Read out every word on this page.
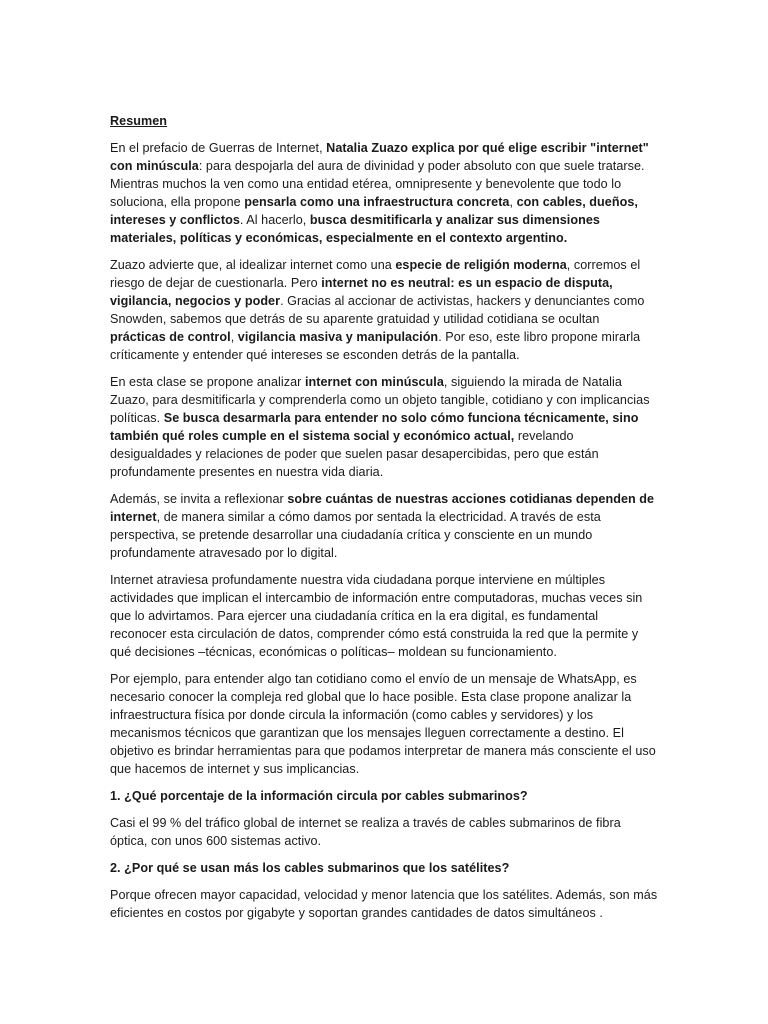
Resumen

En el prefacio de Guerras de Internet, Natalia Zuazo explica por qué elige escribir "internet" con minúscula: para despojarla del aura de divinidad y poder absoluto con que suele tratarse. Mientras muchos la ven como una entidad etérea, omnipresente y benevolente que todo lo soluciona, ella propone pensarla como una infraestructura concreta, con cables, dueños, intereses y conflictos. Al hacerlo, busca desmitificarla y analizar sus dimensiones materiales, políticas y económicas, especialmente en el contexto argentino.

Zuazo advierte que, al idealizar internet como una especie de religión moderna, corremos el riesgo de dejar de cuestionarla. Pero internet no es neutral: es un espacio de disputa, vigilancia, negocios y poder. Gracias al accionar de activistas, hackers y denunciantes como Snowden, sabemos que detrás de su aparente gratuidad y utilidad cotidiana se ocultan prácticas de control, vigilancia masiva y manipulación. Por eso, este libro propone mirarla críticamente y entender qué intereses se esconden detrás de la pantalla.

En esta clase se propone analizar internet con minúscula, siguiendo la mirada de Natalia Zuazo, para desmitificarla y comprenderla como un objeto tangible, cotidiano y con implicancias políticas. Se busca desarmarla para entender no solo cómo funciona técnicamente, sino también qué roles cumple en el sistema social y económico actual, revelando desigualdades y relaciones de poder que suelen pasar desapercibidas, pero que están profundamente presentes en nuestra vida diaria.

Además, se invita a reflexionar sobre cuántas de nuestras acciones cotidianas dependen de internet, de manera similar a cómo damos por sentada la electricidad. A través de esta perspectiva, se pretende desarrollar una ciudadanía crítica y consciente en un mundo profundamente atravesado por lo digital.

Internet atraviesa profundamente nuestra vida ciudadana porque interviene en múltiples actividades que implican el intercambio de información entre computadoras, muchas veces sin que lo advirtamos. Para ejercer una ciudadanía crítica en la era digital, es fundamental reconocer esta circulación de datos, comprender cómo está construida la red que la permite y qué decisiones –técnicas, económicas o políticas– moldean su funcionamiento.

Por ejemplo, para entender algo tan cotidiano como el envío de un mensaje de WhatsApp, es necesario conocer la compleja red global que lo hace posible. Esta clase propone analizar la infraestructura física por donde circula la información (como cables y servidores) y los mecanismos técnicos que garantizan que los mensajes lleguen correctamente a destino. El objetivo es brindar herramientas para que podamos interpretar de manera más consciente el uso que hacemos de internet y sus implicancias.

1. ¿Qué porcentaje de la información circula por cables submarinos?

Casi el 99 % del tráfico global de internet se realiza a través de cables submarinos de fibra óptica, con unos 600 sistemas activo.

2. ¿Por qué se usan más los cables submarinos que los satélites?

Porque ofrecen mayor capacidad, velocidad y menor latencia que los satélites. Además, son más eficientes en costos por gigabyte y soportan grandes cantidades de datos simultáneos .
